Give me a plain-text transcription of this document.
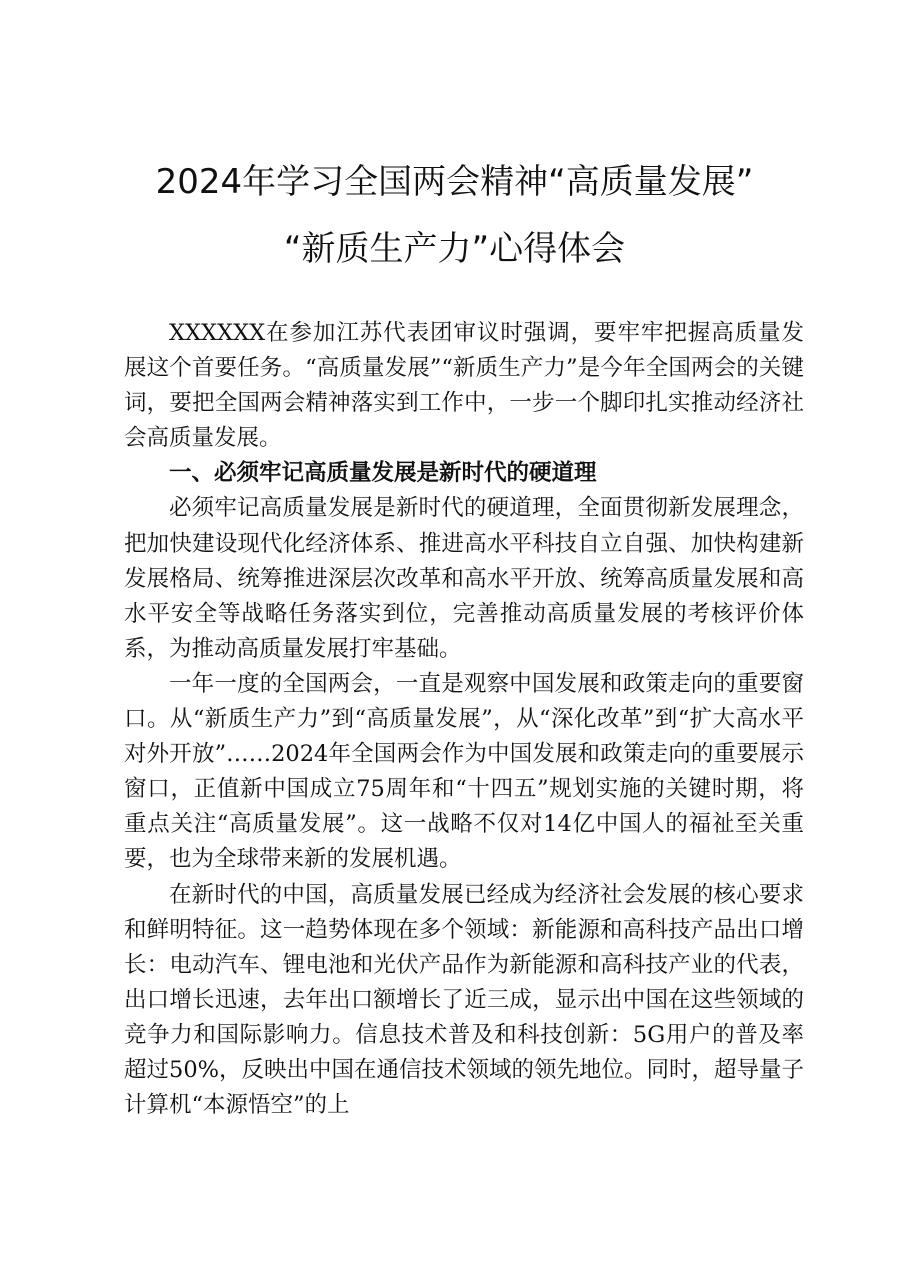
2024年学习全国两会精神“高质量发展”
“新质生产力”心得体会

XXXXXX在参加江苏代表团审议时强调，要牢牢把握高质量发展这个首要任务。“高质量发展”“新质生产力”是今年全国两会的关键词，要把全国两会精神落实到工作中，一步一个脚印扎实推动经济社会高质量发展。

一、必须牢记高质量发展是新时代的硬道理

必须牢记高质量发展是新时代的硬道理，全面贯彻新发展理念，把加快建设现代化经济体系、推进高水平科技自立自强、加快构建新发展格局、统筹推进深层次改革和高水平开放、统筹高质量发展和高水平安全等战略任务落实到位，完善推动高质量发展的考核评价体系，为推动高质量发展打牢基础。

一年一度的全国两会，一直是观察中国发展和政策走向的重要窗口。从“新质生产力”到“高质量发展”，从“深化改革”到“扩大高水平对外开放”……2024年全国两会作为中国发展和政策走向的重要展示窗口，正值新中国成立75周年和“十四五”规划实施的关键时期，将重点关注“高质量发展”。这一战略不仅对14亿中国人的福祉至关重要，也为全球带来新的发展机遇。

在新时代的中国，高质量发展已经成为经济社会发展的核心要求和鲜明特征。这一趋势体现在多个领域：新能源和高科技产品出口增长：电动汽车、锂电池和光伏产品作为新能源和高科技产业的代表，出口增长迅速，去年出口额增长了近三成，显示出中国在这些领域的竞争力和国际影响力。信息技术普及和科技创新：5G用户的普及率超过50%，反映出中国在通信技术领域的领先地位。同时，超导量子计算机“本源悟空”的上
